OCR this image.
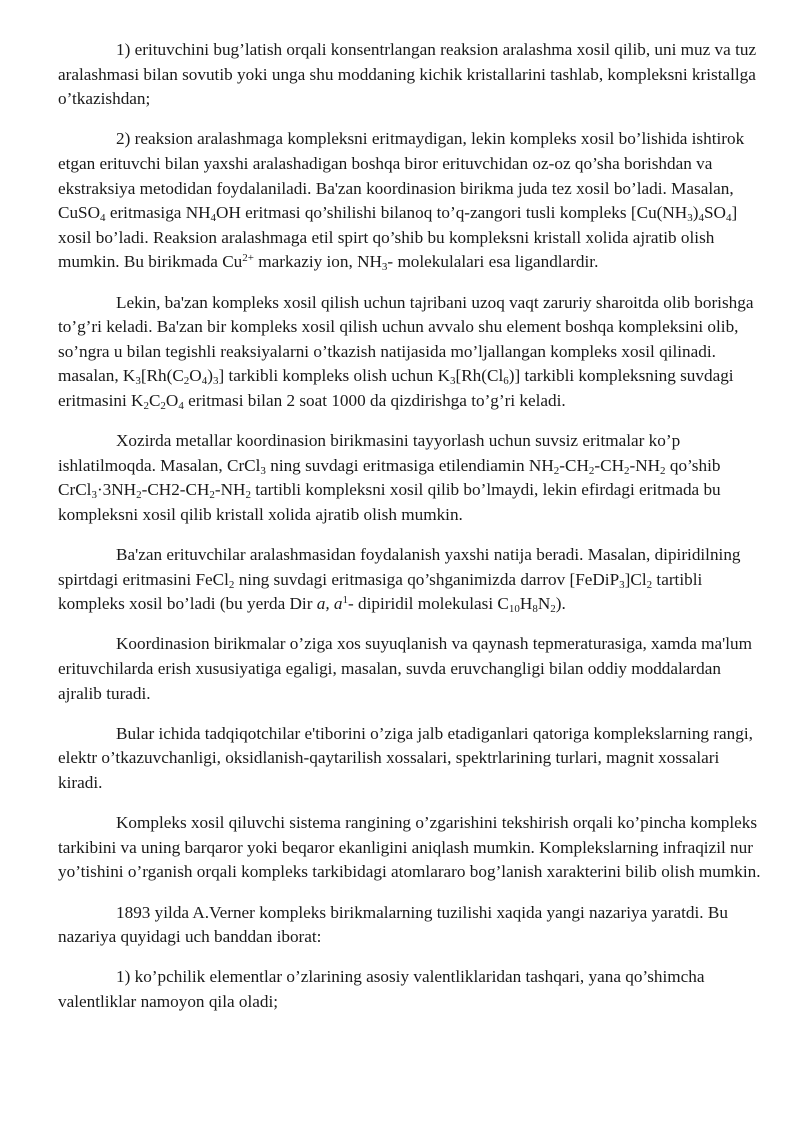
1) erituvchini bug’latish orqali konsentrlangan reaksion aralashma xosil qilib, uni muz va tuz aralashmasi bilan sovutib yoki unga shu moddaning kichik kristallarini tashlab, kompleksni kristallga o’tkazishdan;

2) reaksion aralashmaga kompleksni eritmaydigan, lekin kompleks xosil bo’lishida ishtirok etgan erituvchi bilan yaxshi aralashadigan boshqa biror erituvchidan oz-oz qo’sha borishdan va ekstraksiya metodidan foydalaniladi. Ba'zan koordinasion birikma juda tez xosil bo’ladi. Masalan, CuSO$_4$ eritmasiga $NH_4OH$ eritmasi qo’shilishi bilanoq to’q-zangori tusli kompleks $[Cu(NH_3)_4SO_4]$ xosil bo’ladi. Reaksion aralashmaga etil spirt qo’shib bu kompleksni kristall xolida ajratib olish mumkin. Bu birikmada $Cu^{2+}$ markaziy ion, $NH_3-$ molekulalari esa ligandlardir.

Lekin, ba'zan kompleks xosil qilish uchun tajribani uzoq vaqt zaruriy sharoitda olib borishga to’g’ri keladi. Ba'zan bir kompleks xosil qilish uchun avvalo shu element boshqa kompleksini olib, so’ngra u bilan tegishli reaksiyalarni o’tkazish natijasida mo’ljallangan kompleks xosil qilinadi. masalan, $K_3[Rh(C_2O_4)_3]$ tarkibli kompleks olish uchun $K_3[Rh(Cl_6)]$ tarkibli kompleksning suvdagi eritmasini $K_2C_2O_4$ eritmasi bilan 2 soat 1000 da qizdirishga to’g’ri keladi.

Xozirda metallar koordinasion birikmasini tayyorlash uchun suvsiz eritmalar ko’p ishlatilmoqda. Masalan, CrCl$_3$ ning suvdagi eritmasiga etilendiamin $NH_2-CH_2-CH_2-NH_2$ qo’shib $CrCl_3\cdot 3NH_2-CH2-CH_2-NH_2$ tartibli kompleksni xosil qilib bo’lmaydi, lekin efirdagi eritmada bu kompleksni xosil qilib kristall xolida ajratib olish mumkin.

Ba'zan erituvchilar aralashmasidan foydalanish yaxshi natija beradi. Masalan, dipiridilning spirtdagi eritmasini FeCl$_2$ ning suvdagi eritmasiga qo’shganimizda darrov $[FeDiP_3]Cl_2$ tartibli kompleks xosil bo’ladi (bu yerda Dir a, $a^1-$ dipiridil molekulasi $C_{10}H_8N_2$).

Koordinasion birikmalar o’ziga xos suyuqlanish va qaynash tepmeraturasiga, xamda ma'lum erituvchilarda erish xususiyatiga egaligi, masalan, suvda eruvchangligi bilan oddiy moddalardan ajralib turadi.

Bular ichida tadqiqotchilar e'tiborini o’ziga jalb etadiganlari qatoriga komplekslarning rangi, elektr o’tkazuvchanligi, oksidlanish-qaytarilish xossalari, spektrlarining turlari, magnit xossalari kiradi.

Kompleks xosil qiluvchi sistema rangining o’zgarishini tekshirish orqali ko’pincha kompleks tarkibini va uning barqaror yoki beqaror ekanligini aniqlash mumkin. Komplekslarning infraqizil nur yo’tishini o’rganish orqali kompleks tarkibidagi atomlararo bog’lanish xarakterini bilib olish mumkin.

1893 yilda A.Verner kompleks birikmalarning tuzilishi xaqida yangi nazariya yaratdi. Bu nazariya quyidagi uch banddan iborat:

1) ko’pchilik elementlar o’zlarining asosiy valentliklaridan tashqari, yana qo’shimcha valentliklar namoyon qila oladi;
